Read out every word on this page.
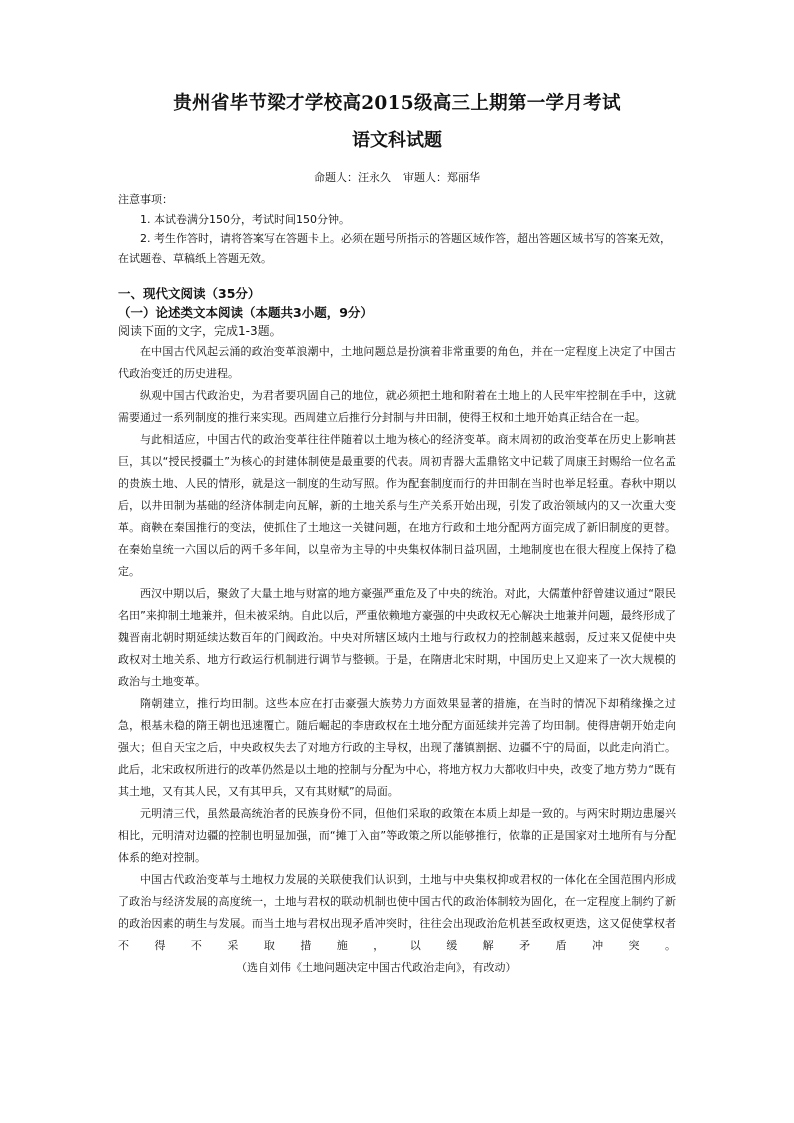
贵州省毕节梁才学校高2015级高三上期第一学月考试
语文科试题
命题人：汪永久 审题人：郑丽华

注意事项：

1. 本试卷满分150分，考试时间150分钟。

2. 考生作答时，请将答案写在答题卡上。必须在题号所指示的答题区域作答，超出答题区域书写的答案无效，在试题卷、草稿纸上答题无效。

一、现代文阅读（35分）
（一）论述类文本阅读（本题共3小题，9分）

阅读下面的文字，完成1-3题。

在中国古代风起云涌的政治变革浪潮中，土地问题总是扮演着非常重要的角色，并在一定程度上决定了中国古代政治变迁的历史进程。

纵观中国古代政治史，为君者要巩固自己的地位，就必须把土地和附着在土地上的人民牢牢控制在手中，这就需要通过一系列制度的推行来实现。西周建立后推行分封制与井田制，使得王权和土地开始真正结合在一起。

与此相适应，中国古代的政治变革往往伴随着以土地为核心的经济变革。商末周初的政治变革在历史上影响甚巨，其以“授民授疆土”为核心的封建体制使是最重要的代表。周初青器大盂鼎铭文中记载了周康王封赐给一位名孟的贵族土地、人民的情形，就是这一制度的生动写照。作为配套制度而行的井田制在当时也举足轻重。春秋中期以后，以井田制为基础的经济体制走向瓦解，新的土地关系与生产关系开始出现，引发了政治领域内的又一次重大变革。商鞅在秦国推行的变法，使抓住了土地这一关键问题，在地方行政和土地分配两方面完成了新旧制度的更替。在秦始皇统一六国以后的两千多年间，以皇帝为主导的中央集权体制日益巩固，土地制度也在很大程度上保持了稳定。

西汉中期以后，聚敛了大量土地与财富的地方豪强严重危及了中央的统治。对此，大儒董仲舒曾建议通过“限民名田”来抑制土地兼并，但未被采纳。自此以后，严重依赖地方豪强的中央政权无心解决土地兼并问题，最终形成了魏晋南北朝时期延续达数百年的门阀政治。中央对所辖区域内土地与行政权力的控制越来越弱，反过来又促使中央政权对土地关系、地方行政运行机制进行调节与整顿。于是，在隋唐北宋时期，中国历史上又迎来了一次大规模的政治与土地变革。

隋朝建立，推行均田制。这些本应在打击豪强大族势力方面效果显著的措施，在当时的情况下却稍缘操之过急，根基未稳的隋王朝也迅速覆亡。随后崛起的李唐政权在土地分配方面延续并完善了均田制。使得唐朝开始走向强大；但自天宝之后，中央政权失去了对地方行政的主导权，出现了藩镇割据、边疆不宁的局面，以此走向消亡。此后，北宋政权所进行的改革仍然是以土地的控制与分配为中心，将地方权力大都收归中央，改变了地方势力“既有其土地，又有其人民，又有其甲兵，又有其财赋”的局面。

元明清三代，虽然最高统治者的民族身份不同，但他们采取的政策在本质上却是一致的。与两宋时期边患屡兴相比，元明清对边疆的控制也明显加强，而“摊丁入亩”等政策之所以能够推行，依靠的正是国家对土地所有与分配体系的绝对控制。

中国古代政治变革与土地权力发展的关联使我们认识到，土地与中央集权抑或君权的一体化在全国范围内形成了政治与经济发展的高度统一，土地与君权的联动机制也使中国古代的政治体制较为固化，在一定程度上制约了新的政治因素的萌生与发展。而当土地与君权出现矛盾冲突时，往往会出现政治危机甚至政权更迭，这又促使掌权者不得不采取措施，以缓解矛盾冲突。（选自刘伟《土地问题决定中国古代政治走向》，有改动）
